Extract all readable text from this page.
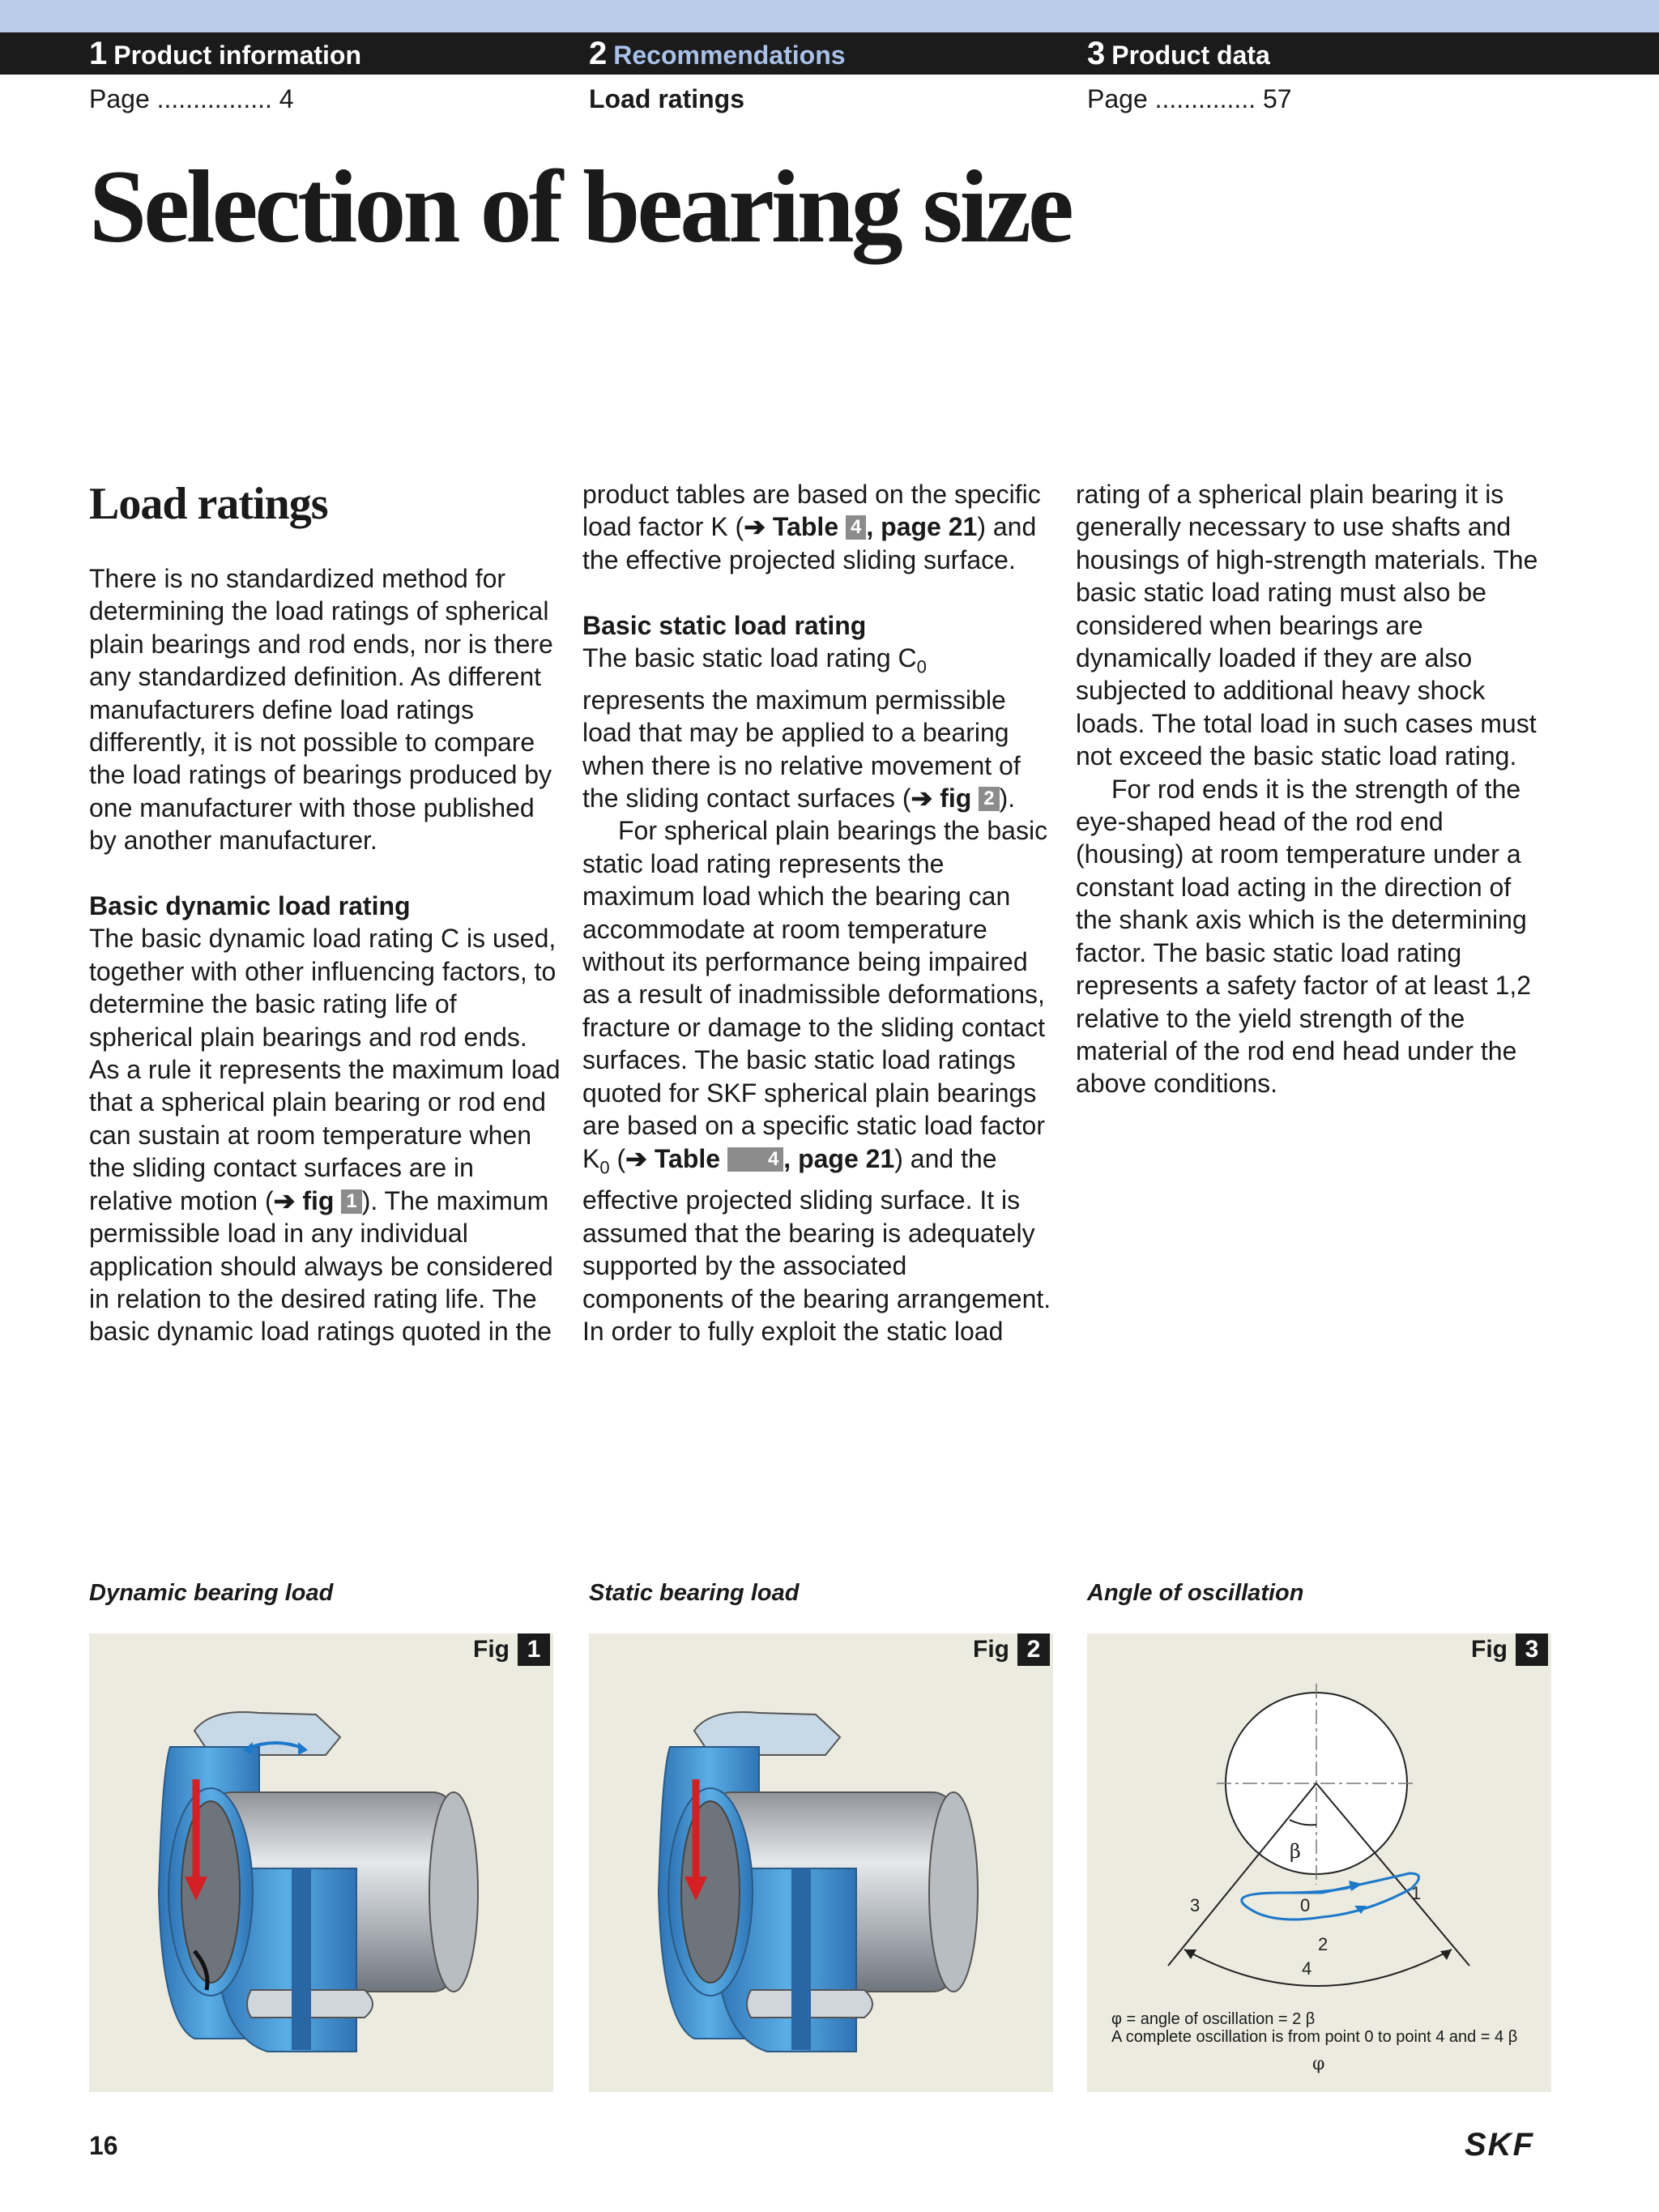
1 Product information	2 Recommendations	3 Product data
Page ................ 4	Load ratings	Page .............. 57
Selection of bearing size
Dynamic bearing load	Static bearing load	Angle of oscillation
Fig 1	Fig 2	Fig 3
β
φ
0
1
2
3
4

φ = angle of oscillation = 2 β

A complete oscillation is from point 0 to point 4 and = 4 β

16	SKF
Load ratings

There is no standardized method for determining the load ratings of spherical plain bearings and rod ends, nor is there any standardized definition. As different manufacturers define load ratings differently, it is not possible to compare the load ratings of bearings produced by one manufacturer with those published by another manufacturer.

Basic dynamic load rating

The basic dynamic load rating C is used, together with other influencing factors, to determine the basic rating life of spherical plain bearings and rod ends. As a rule it represents the maximum load that a spherical plain bearing or rod end can sustain at room temperature when the sliding contact surfaces are in relative motion (➔ fig 1 ). The maximum permissible load in any individual application should always be considered in relation to the desired rating life. The basic dynamic load ratings quoted in the product tables are based on the specific load factor K (➔ Table 4 , page 21) and the effective projected sliding surface.

Basic static load rating

The basic static load rating $C_0$ represents the maximum permissible load that may be applied to a bearing when there is no relative movement of the sliding contact surfaces (➔ fig 2 ).

For spherical plain bearings the basic static load rating represents the maximum load which the bearing can accommodate at room temperature without its performance being impaired as a result of inadmissible deformations, fracture or damage to the sliding contact surfaces. The basic static load ratings quoted for SKF spherical plain bearings are based on a specific static load factor $K_0$ (➔ Table 4 , page 21) and the effective projected sliding surface. It is assumed that the bearing is adequately supported by the associated components of the bearing arrangement. In order to fully exploit the static load rating of a spherical plain bearing it is generally necessary to use shafts and housings of high-strength materials. The basic static load rating must also be considered when bearings are dynamically loaded if they are also subjected to additional heavy shock loads. The total load in such cases must not exceed the basic static load rating.

For rod ends it is the strength of the eye-shaped head of the rod end (housing) at room temperature under a constant load acting in the direction of the shank axis which is the determining factor. The basic static load rating represents a safety factor of at least 1,2 relative to the yield strength of the material of the rod end head under the above conditions.
